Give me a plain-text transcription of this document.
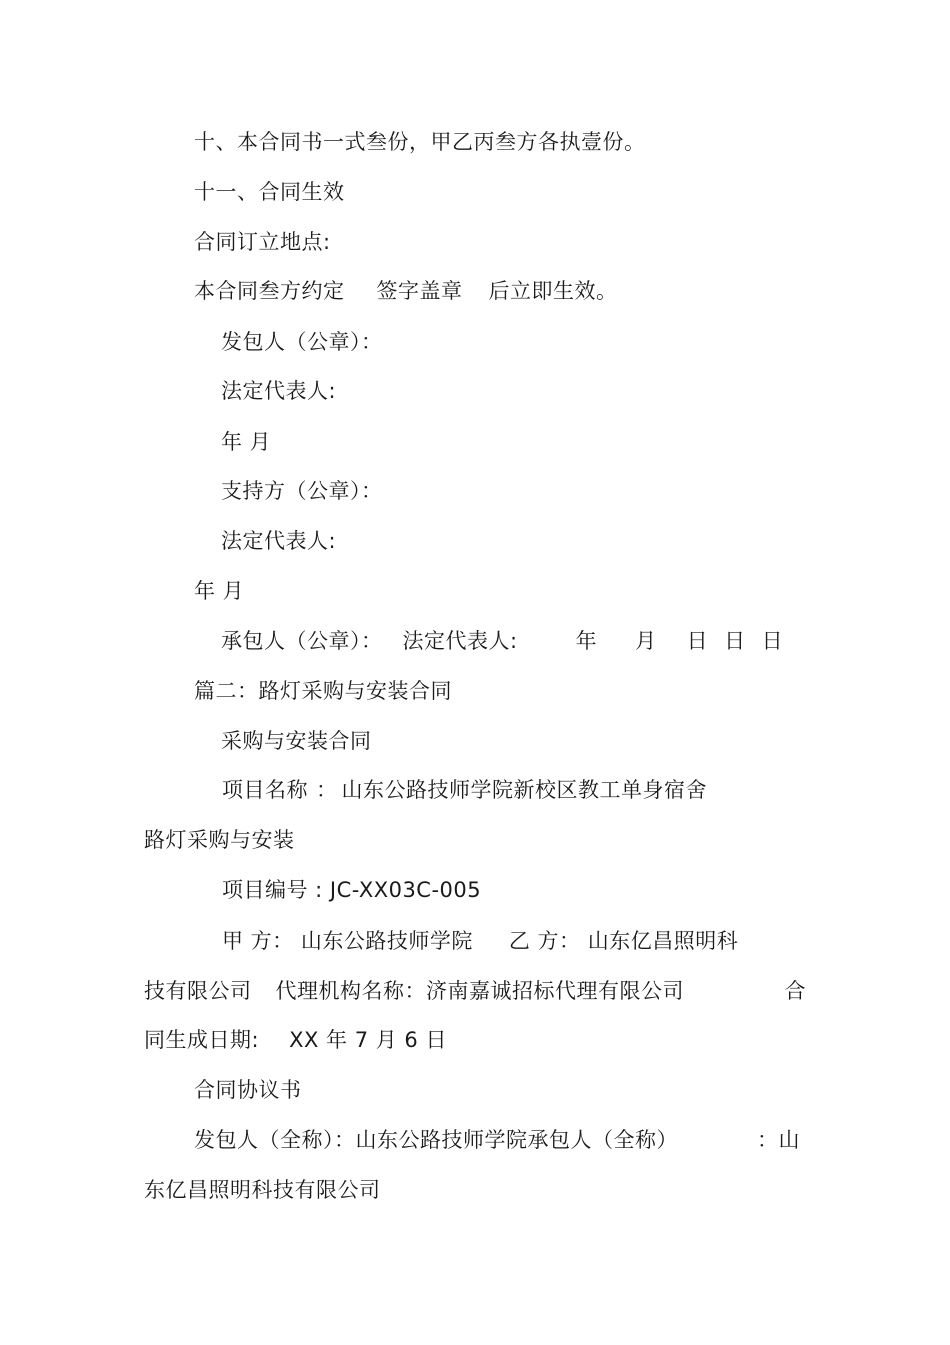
十、本合同书一式叁份，甲乙丙叁方各执壹份。
十一、合同生效
合同订立地点:
本合同叁方约定 签字盖章 后立即生效。
发包人（公章）：
法定代表人:
年 月
支持方（公章）：
法定代表人:
年 月
承包人（公章）： 法定代表人:	年 月 日 日 日
篇二：路灯采购与安装合同
采购与安装合同
项目名称 ： 山东公路技师学院新校区教工单身宿舍
路灯采购与安装
项目编号 : JC-XX03C-005
甲 方： 山东公路技师学院 乙 方： 山东亿昌照明科
技有限公司 代理机构名称：济南嘉诚招标代理有限公司	合
同生成日期: XX 年 7 月 6 日
合同协议书
发包人（全称）：山东公路技师学院承包人（全称）	：山
东亿昌照明科技有限公司
